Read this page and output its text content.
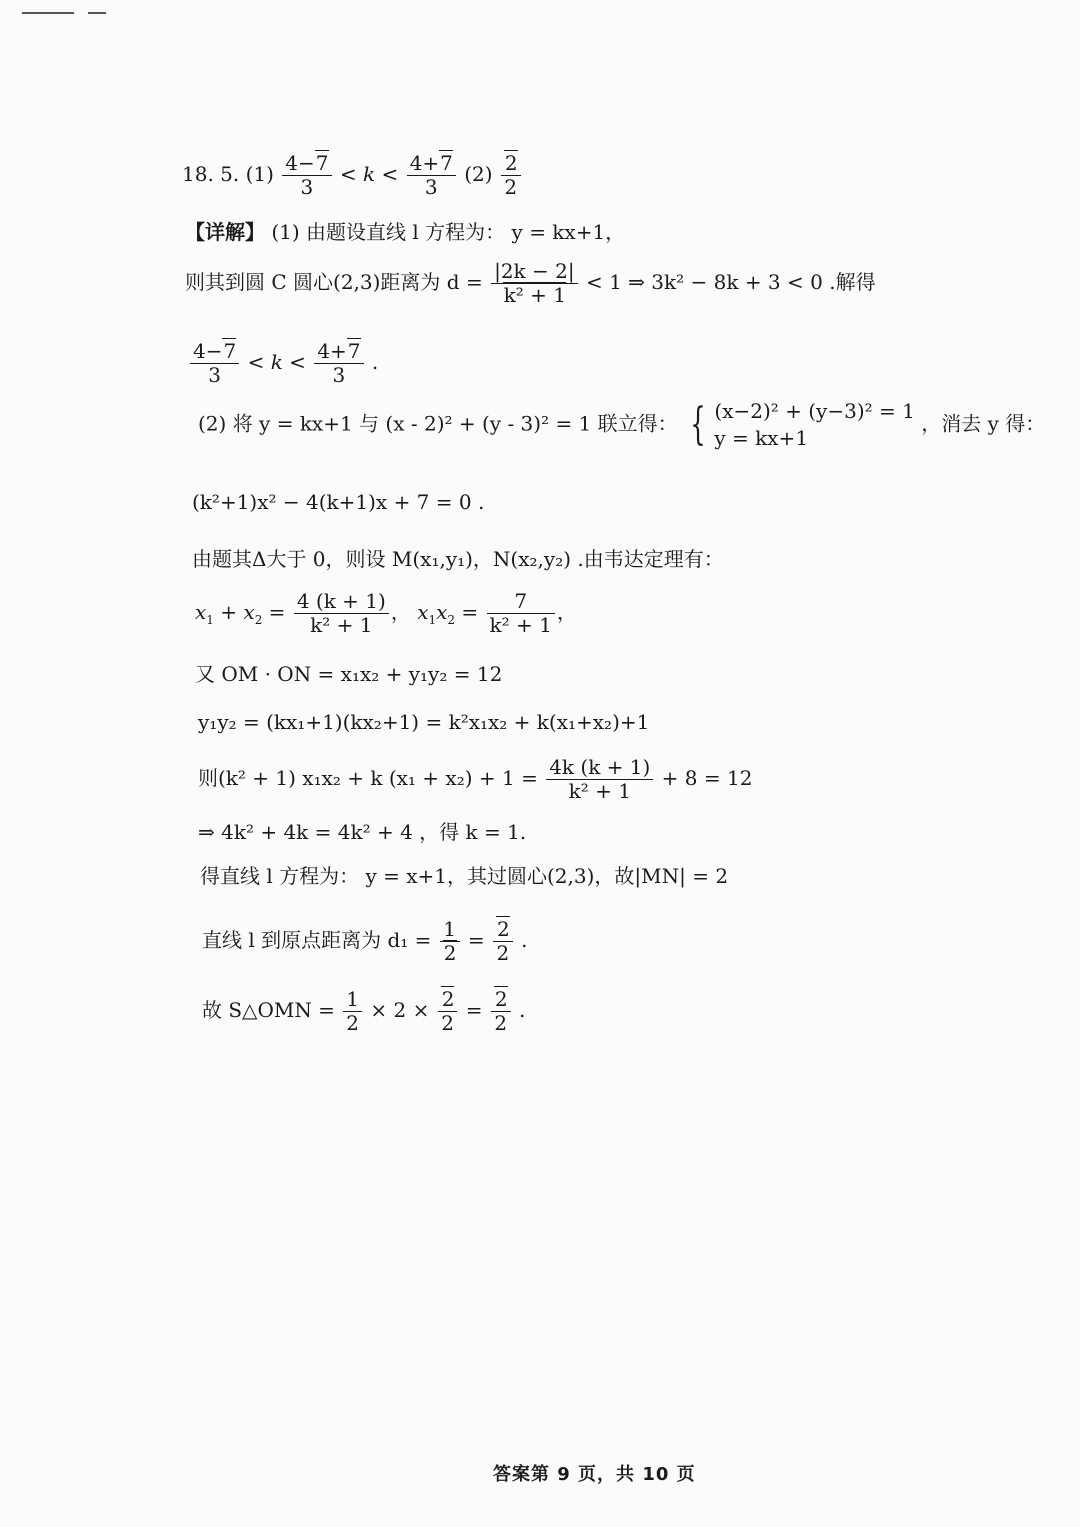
18. 5. $(1) \frac{4-7}{3} < k < \frac{4+7}{3} (2) \frac{2}{2}$
【详解】 (1) 由题设直线 l 方程为： y = kx+1，
则其到圆 C 圆心(2,3)距离为 $d = \frac{|2k - 2|}{\text{k² + 1}} < 1$ ⇒ 3k² − 8k + 3 < 0 .解得
$\frac{4-7}{3} < k < \frac{4+7}{3}$ .
(2) 将 y = kx+1 与 (x - 2)² + (y - 3)² = 1 联立得： { (x−2)² + (y−3)² = 1
y = kx+1 ，消去 y 得：
(k²+1)x² − 4(k+1)x + 7 = 0 .
由题其Δ大于 0，则设 M(x₁,y₁)，N(x₂,y₂) .由韦达定理有：
$x_1 + x_2 = \frac{4 (k + 1)}{\text{k² + 1}}$ ， $x_1x_2 = \frac{7}{\text{k² + 1}}$ ，
又 OM · ON = x₁x₂ + y₁y₂ = 12
y₁y₂ = (kx₁+1)(kx₂+1) = k²x₁x₂ + k(x₁+x₂)+1
则(k² + 1) x₁x₂ + k $(x_1 + x_2) + 1 = \frac{4k (k + 1)}{\text{k² + 1}} + 8 = 12$
⇒ 4k² + 4k = 4k² + 4 ，得 k = 1.
得直线 l 方程为： y = x+1，其过圆心(2,3)，故|MN| = 2
直线 l 到原点距离为 $d_1 = \frac{1}{2} = \frac{2}{2}$ .
故 S△OMN = $\frac{1}{2} \times 2 \times \frac{2}{2} = \frac{2}{2}$ .
答案第 9 页，共 10 页
